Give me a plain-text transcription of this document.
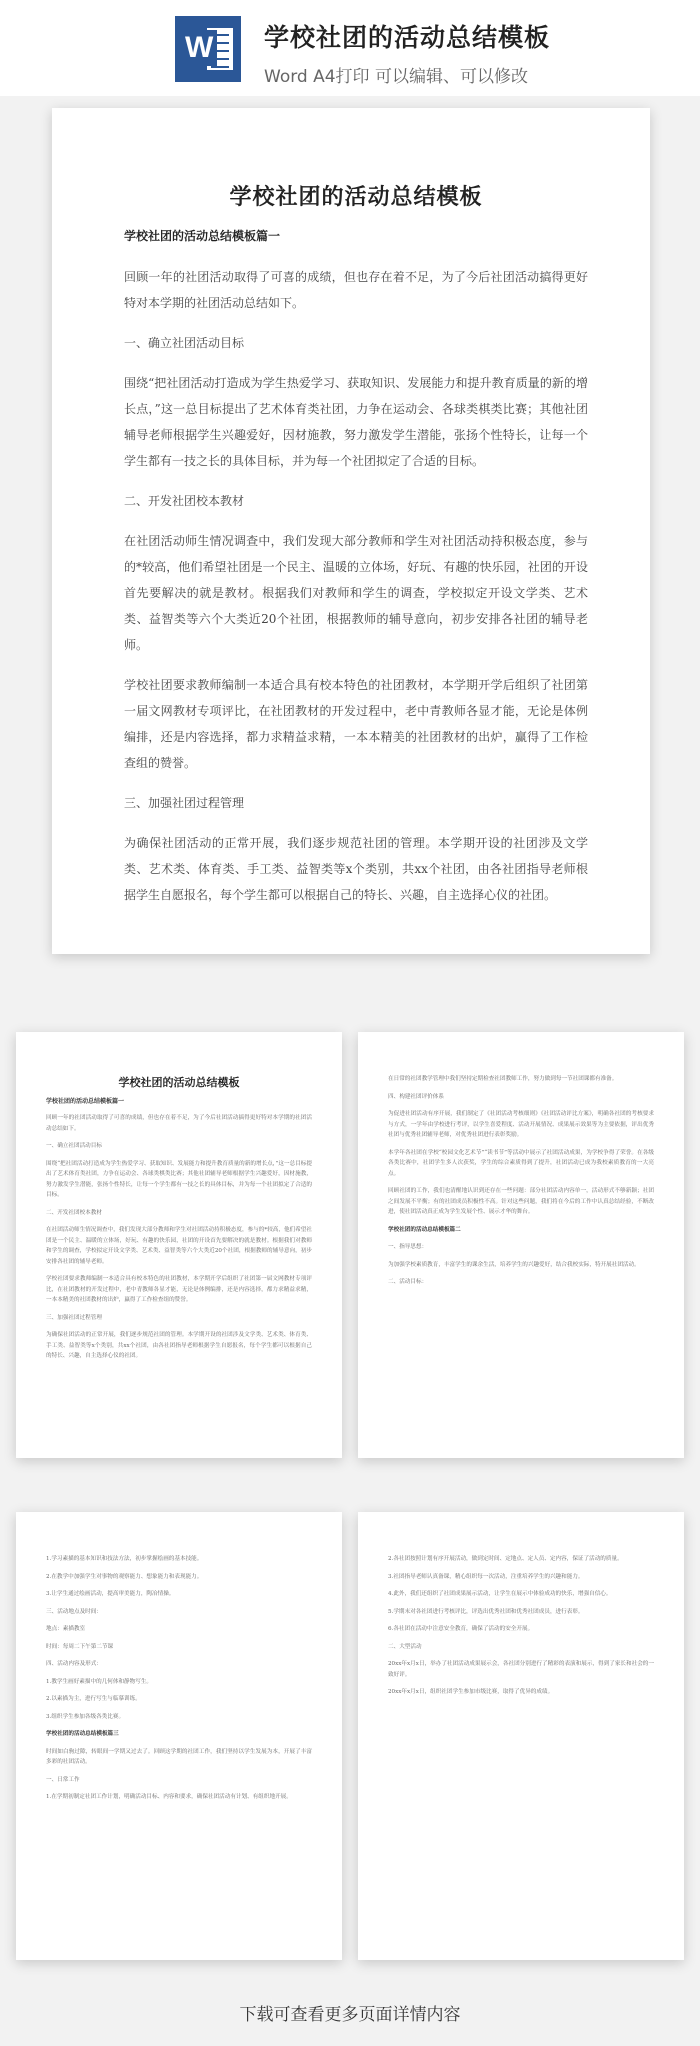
W 学校社团的活动总结模板
Word A4打印 可以编辑、可以修改
学校社团的活动总结模板
学校社团的活动总结模板篇一

回顾一年的社团活动取得了可喜的成绩，但也存在着不足，为了今后社团活动搞得更好特对本学期的社团活动总结如下。

一、确立社团活动目标

围绕“把社团活动打造成为学生热爱学习、获取知识、发展能力和提升教育质量的新的增长点，”这一总目标提出了艺术体育类社团，力争在运动会、各球类棋类比赛；其他社团辅导老师根据学生兴趣爱好，因材施教，努力激发学生潜能，张扬个性特长，让每一个学生都有一技之长的具体目标，并为每一个社团拟定了合适的目标。

二、开发社团校本教材

在社团活动师生情况调查中，我们发现大部分教师和学生对社团活动持积极态度，参与的*较高，他们希望社团是一个民主、温暖的立体场，好玩、有趣的快乐园，社团的开设首先要解决的就是教材。根据我们对教师和学生的调查，学校拟定开设文学类、艺术类、益智类等六个大类近20个社团，根据教师的辅导意向，初步安排各社团的辅导老师。

学校社团要求教师编制一本适合具有校本特色的社团教材，本学期开学后组织了社团第一届文网教材专项评比，在社团教材的开发过程中，老中青教师各显才能，无论是体例编排，还是内容选择，都力求精益求精，一本本精美的社团教材的出炉，赢得了工作检查组的赞誉。

三、加强社团过程管理

为确保社团活动的正常开展，我们逐步规范社团的管理。本学期开设的社团涉及文学类、艺术类、体育类、手工类、益智类等x个类别，共xx个社团，由各社团指导老师根据学生自愿报名，每个学生都可以根据自己的特长、兴趣，自主选择心仪的社团。

学校社团的活动总结模板
学校社团的活动总结模板篇一

回顾一年的社团活动取得了可喜的成绩，但也存在着不足，为了今后社团活动搞得更好特对本学期的社团活动总结如下。

一、确立社团活动目标

围绕“把社团活动打造成为学生热爱学习、获取知识、发展能力和提升教育质量的新的增长点，”这一总目标提出了艺术体育类社团，力争在运动会、各球类棋类比赛；其他社团辅导老师根据学生兴趣爱好，因材施教，努力激发学生潜能，张扬个性特长，让每一个学生都有一技之长的具体目标，并为每一个社团拟定了合适的目标。

二、开发社团校本教材

在社团活动师生情况调查中，我们发现大部分教师和学生对社团活动持积极态度，参与的*较高，他们希望社团是一个民主、温暖的立体场，好玩、有趣的快乐园，社团的开设首先要解决的就是教材。根据我们对教师和学生的调查，学校拟定开设文学类、艺术类、益智类等六个大类近20个社团，根据教师的辅导意向，初步安排各社团的辅导老师。

学校社团要求教师编制一本适合具有校本特色的社团教材，本学期开学后组织了社团第一届文网教材专项评比，在社团教材的开发过程中，老中青教师各显才能，无论是体例编排，还是内容选择，都力求精益求精，一本本精美的社团教材的出炉，赢得了工作检查组的赞誉。

三、加强社团过程管理

为确保社团活动的正常开展，我们逐步规范社团的管理。本学期开设的社团涉及文学类、艺术类、体育类、手工类、益智类等x个类别，共xx个社团，由各社团指导老师根据学生自愿报名，每个学生都可以根据自己的特长、兴趣，自主选择心仪的社团。

在日常的社团教学管理中我们坚持定期检查社团教师工作，努力做到每一节社团课都有准备。

四、构建社团评价体系

为促进社团活动有序开展，我们制定了《社团活动考核细则》《社团活动评比方案》，明确各社团的考核要求与方式，一学年由学校进行考评，以学生喜爱程度、活动开展情况、成果展示效果等为主要依据，评出优秀社团与优秀社团辅导老师，对优秀社团进行表彰奖励。

本学年各社团在学校“校园文化艺术节”“读书节”等活动中展示了社团活动成果，为学校争得了荣誉。在各级各类比赛中，社团学生多人次获奖，学生的综合素质得到了提升，社团活动已成为我校素质教育的一大亮点。

回顾社团的工作，我们也清醒地认识到还存在一些问题：部分社团活动内容单一，活动形式不够新颖；社团之间发展不平衡；有的社团成员积极性不高。针对这些问题，我们将在今后的工作中认真总结经验，不断改进，使社团活动真正成为学生发展个性、展示才华的舞台。

学校社团的活动总结模板篇二

一、指导思想：

为加强学校素质教育，丰富学生的课余生活，培养学生的兴趣爱好，结合我校实际，特开展社团活动。

二、活动目标：

1.学习素描的基本知识和技法方法，初步掌握绘画的基本技能。

2.在教学中加强学生对事物的观察能力、想象能力和表现能力。

3.让学生通过绘画活动，提高审美能力，陶冶情操。

三、活动地点及时间：

地点：素描教室

时间：每周二下午第二节课

四、活动内容及形式：

1.教学生画好素描中的几何体和静物写生。

2.以素描为主，进行写生与临摹训练。

3.组织学生参加各级各类比赛。

学校社团的活动总结模板篇三

时间如白驹过隙，转眼间一学期又过去了。回顾这学期的社团工作，我们坚持以学生发展为本，开展了丰富多彩的社团活动。

一、日常工作

1.在学期初制定社团工作计划，明确活动目标、内容和要求，确保社团活动有计划、有组织地开展。

2.各社团按照计划有序开展活动，做到定时间、定地点、定人员、定内容，保证了活动的质量。

3.社团指导老师认真备课，精心组织每一次活动，注重培养学生的兴趣和能力。

4.此外，我们还组织了社团成果展示活动，让学生在展示中体验成功的快乐，增强自信心。

5.学期末对各社团进行考核评比，评选出优秀社团和优秀社团成员，进行表彰。

6.各社团在活动中注意安全教育，确保了活动的安全开展。

二、大型活动

20xx年x月x日，举办了社团活动成果展示会，各社团分别进行了精彩的表演和展示，得到了家长和社会的一致好评。

20xx年x月x日，组织社团学生参加市级比赛，取得了优异的成绩。

下载可查看更多页面详情内容
